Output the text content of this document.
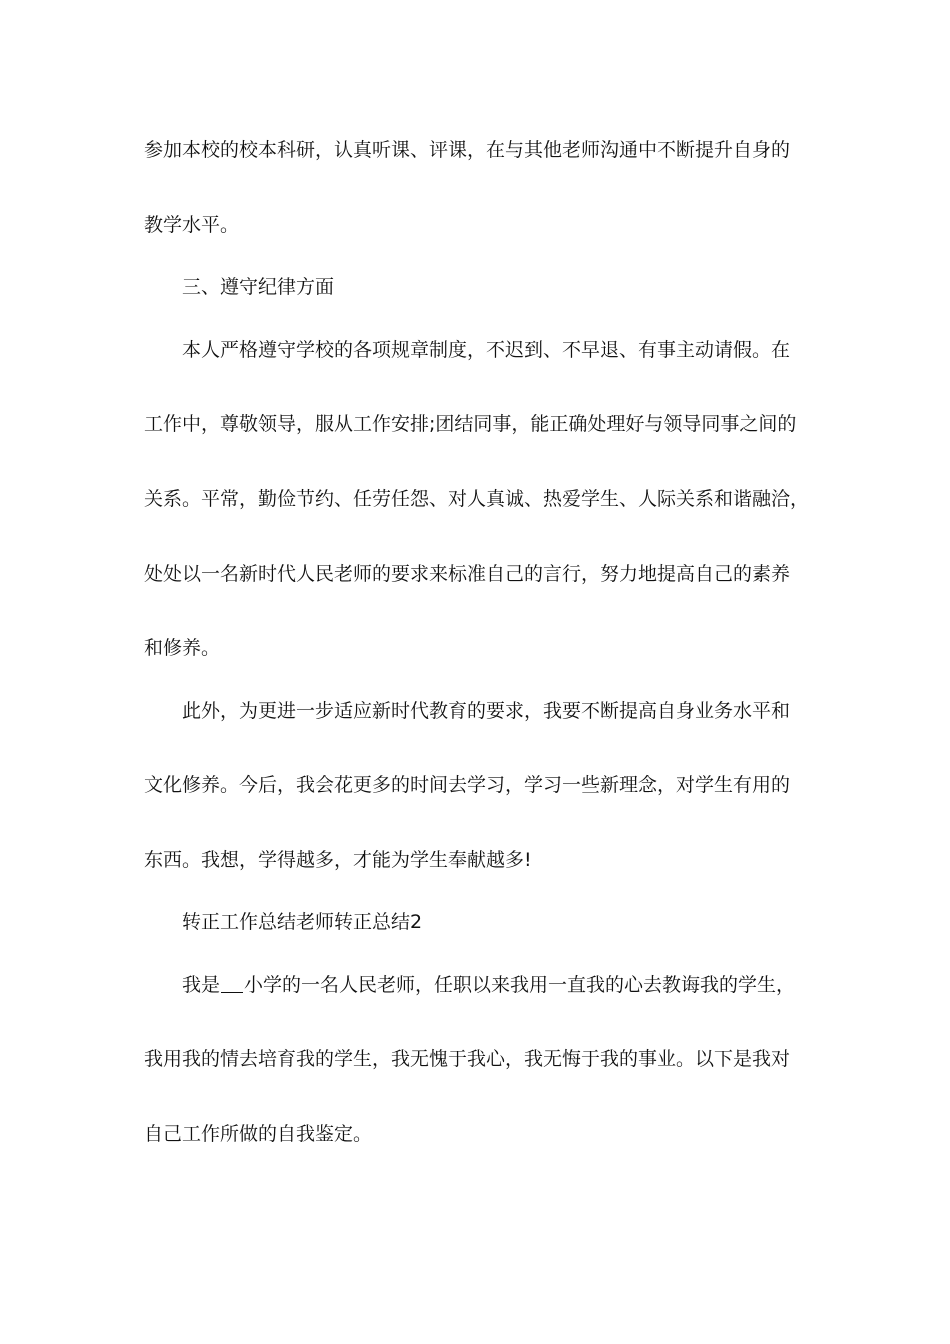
参加本校的校本科研，认真听课、评课，在与其他老师沟通中不断提升自身的
教学水平。
三、遵守纪律方面
本人严格遵守学校的各项规章制度，不迟到、不早退、有事主动请假。在
工作中，尊敬领导，服从工作安排;团结同事，能正确处理好与领导同事之间的
关系。平常，勤俭节约、任劳任怨、对人真诚、热爱学生、人际关系和谐融洽，
处处以一名新时代人民老师的要求来标准自己的言行，努力地提高自己的素养
和修养。
此外，为更进一步适应新时代教育的要求，我要不断提高自身业务水平和
文化修养。今后，我会花更多的时间去学习，学习一些新理念，对学生有用的
东西。我想，学得越多，才能为学生奉献越多!
转正工作总结老师转正总结2
我是 小学的一名人民老师，任职以来我用一直我的心去教诲我的学生，
我用我的情去培育我的学生，我无愧于我心，我无悔于我的事业。以下是我对
自己工作所做的自我鉴定。
